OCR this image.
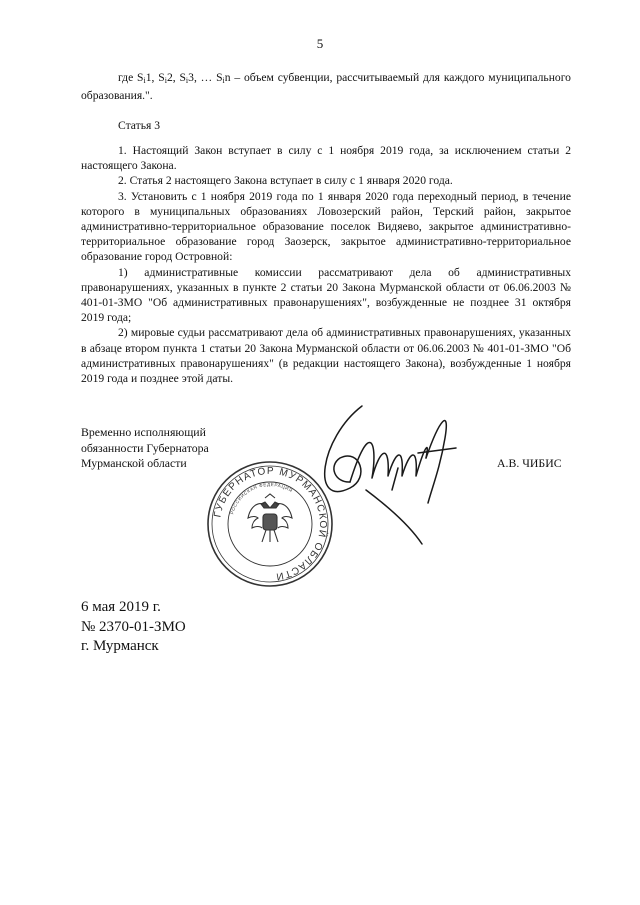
5

где $S_i1$, $S_i2$, $S_i3$, … $S_in$ – объем субвенции, рассчитываемый для каждого муниципального образования.".

Статья 3

1. Настоящий Закон вступает в силу с 1 ноября 2019 года, за исключением статьи 2 настоящего Закона.

2. Статья 2 настоящего Закона вступает в силу с 1 января 2020 года.

3. Установить с 1 ноября 2019 года по 1 января 2020 года переходный период, в течение которого в муниципальных образованиях Ловозерский район, Терский район, закрытое административно-территориальное образование поселок Видяево, закрытое административно-территориальное образование город Заозерск, закрытое административно-территориальное образование город Островной:

1) административные комиссии рассматривают дела об административных правонарушениях, указанных в пункте 2 статьи 20 Закона Мурманской области от 06.06.2003 № 401-01-ЗМО "Об административных правонарушениях", возбужденные не позднее 31 октября 2019 года;

2) мировые судьи рассматривают дела об административных правонарушениях, указанных в абзаце втором пункта 1 статьи 20 Закона Мурманской области от 06.06.2003 № 401-01-ЗМО "Об административных правонарушениях" (в редакции настоящего Закона), возбужденные 1 ноября 2019 года и позднее этой даты.

Временно исполняющий
обязанности Губернатора
Мурманской области	А.В. ЧИБИС
ГУБЕРНАТОР МУРМАНСКОЙ ОБЛАСТИ
РОССИЙСКАЯ ФЕДЕРАЦИЯ
6 мая 2019 г.
№ 2370-01-ЗМО
г. Мурманск
